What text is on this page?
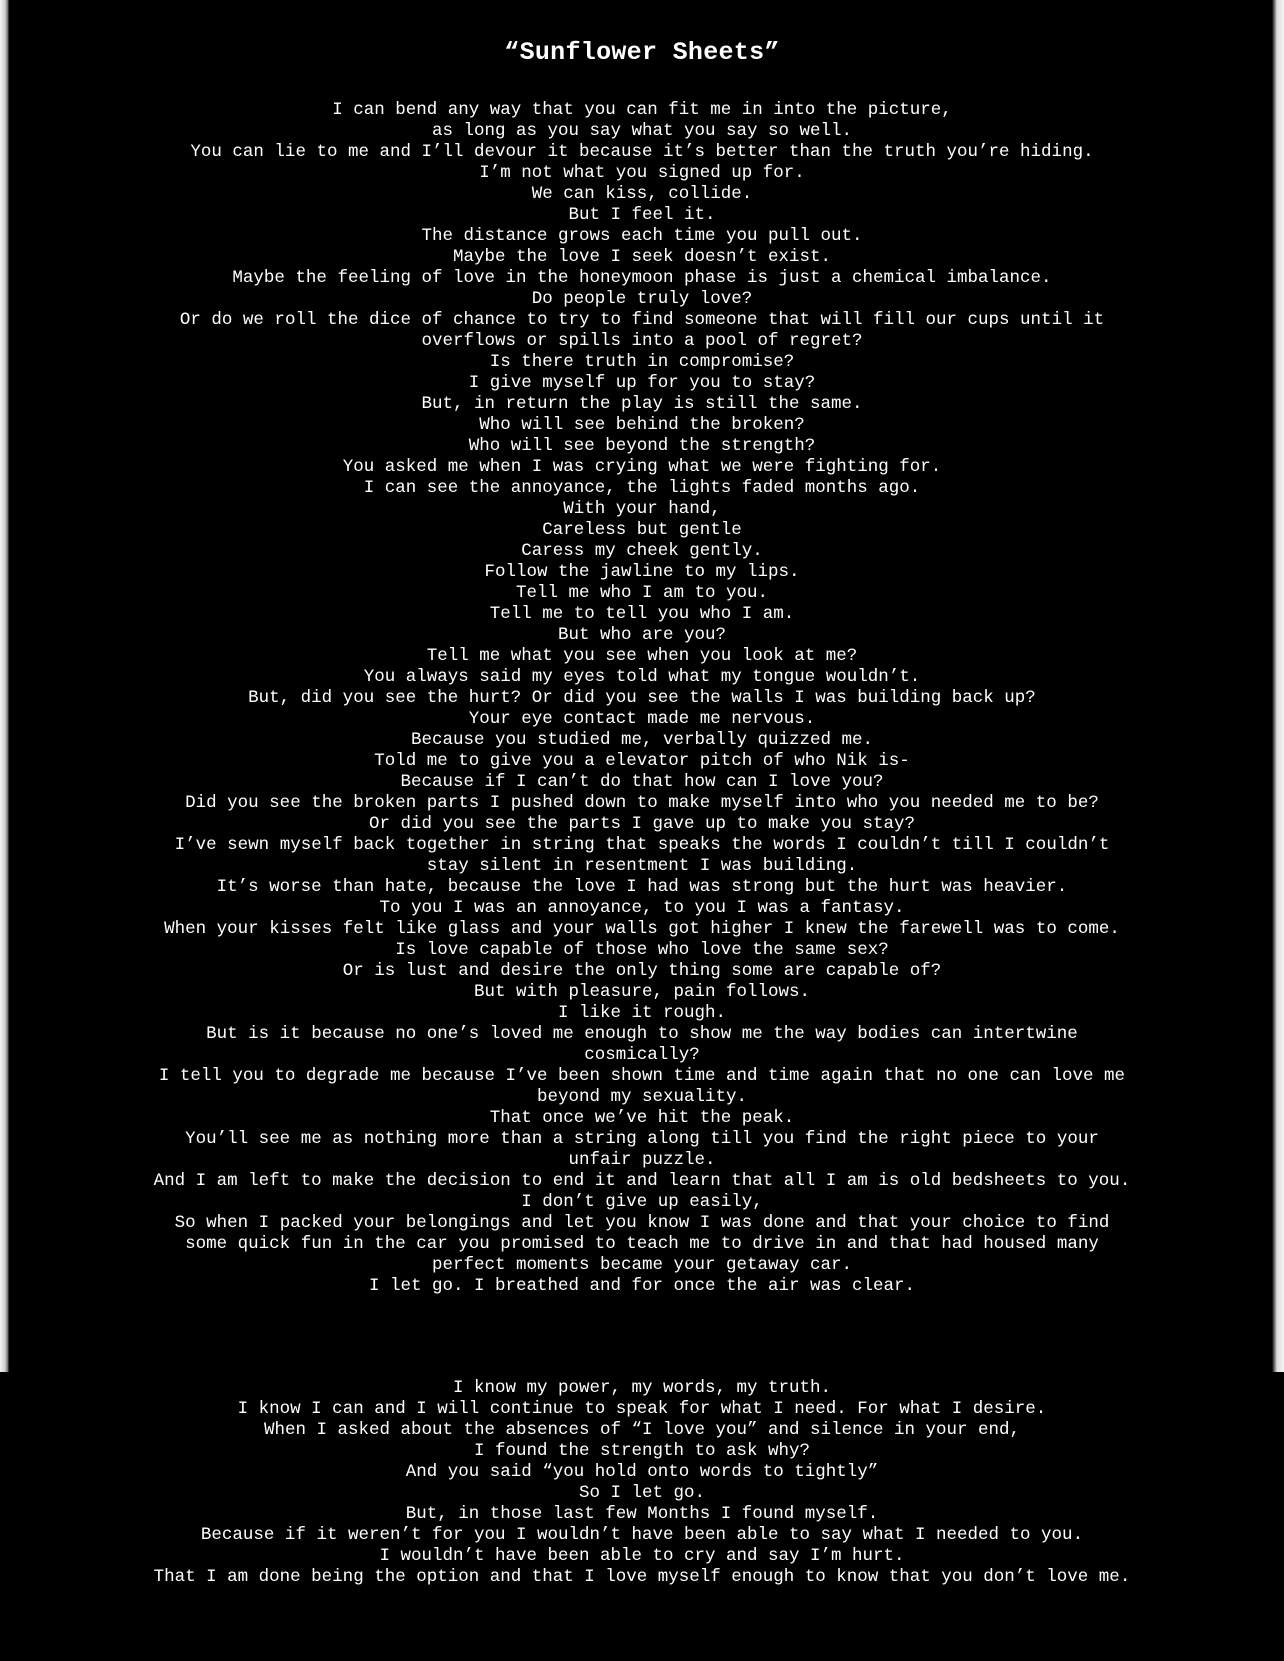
“Sunflower Sheets”
I can bend any way that you can fit me in into the picture,
as long as you say what you say so well.
You can lie to me and I’ll devour it because it’s better than the truth you’re hiding.
I’m not what you signed up for.
We can kiss, collide.
But I feel it.
The distance grows each time you pull out.
Maybe the love I seek doesn’t exist.
Maybe the feeling of love in the honeymoon phase is just a chemical imbalance.
Do people truly love?
Or do we roll the dice of chance to try to find someone that will fill our cups until it overflows or spills into a pool of regret?
Is there truth in compromise?
I give myself up for you to stay?
But, in return the play is still the same.
Who will see behind the broken?
Who will see beyond the strength?
You asked me when I was crying what we were fighting for.
I can see the annoyance, the lights faded months ago.
With your hand,
Careless but gentle
Caress my cheek gently.
Follow the jawline to my lips.
Tell me who I am to you.
Tell me to tell you who I am.
But who are you?
Tell me what you see when you look at me?
You always said my eyes told what my tongue wouldn’t.
But, did you see the hurt? Or did you see the walls I was building back up?
Your eye contact made me nervous.
Because you studied me, verbally quizzed me.
Told me to give you a elevator pitch of who Nik is-
Because if I can’t do that how can I love you?
Did you see the broken parts I pushed down to make myself into who you needed me to be?
Or did you see the parts I gave up to make you stay?
I’ve sewn myself back together in string that speaks the words I couldn’t till I couldn’t stay silent in resentment I was building.
It’s worse than hate, because the love I had was strong but the hurt was heavier.
To you I was an annoyance, to you I was a fantasy.
When your kisses felt like glass and your walls got higher I knew the farewell was to come.
Is love capable of those who love the same sex?
Or is lust and desire the only thing some are capable of?
But with pleasure, pain follows.
I like it rough.
But is it because no one’s loved me enough to show me the way bodies can intertwine cosmically?
I tell you to degrade me because I’ve been shown time and time again that no one can love me beyond my sexuality.
That once we’ve hit the peak.
You’ll see me as nothing more than a string along till you find the right piece to your unfair puzzle.
And I am left to make the decision to end it and learn that all I am is old bedsheets to you.
I don’t give up easily,
So when I packed your belongings and let you know I was done and that your choice to find some quick fun in the car you promised to teach me to drive in and that had housed many perfect moments became your getaway car.
I let go. I breathed and for once the air was clear.
I know my power, my words, my truth.
I know I can and I will continue to speak for what I need. For what I desire.
When I asked about the absences of “I love you” and silence in your end,
I found the strength to ask why?
And you said “you hold onto words to tightly”
So I let go.
But, in those last few Months I found myself.
Because if it weren’t for you I wouldn’t have been able to say what I needed to you.
I wouldn’t have been able to cry and say I’m hurt.
That I am done being the option and that I love myself enough to know that you don’t love me.
